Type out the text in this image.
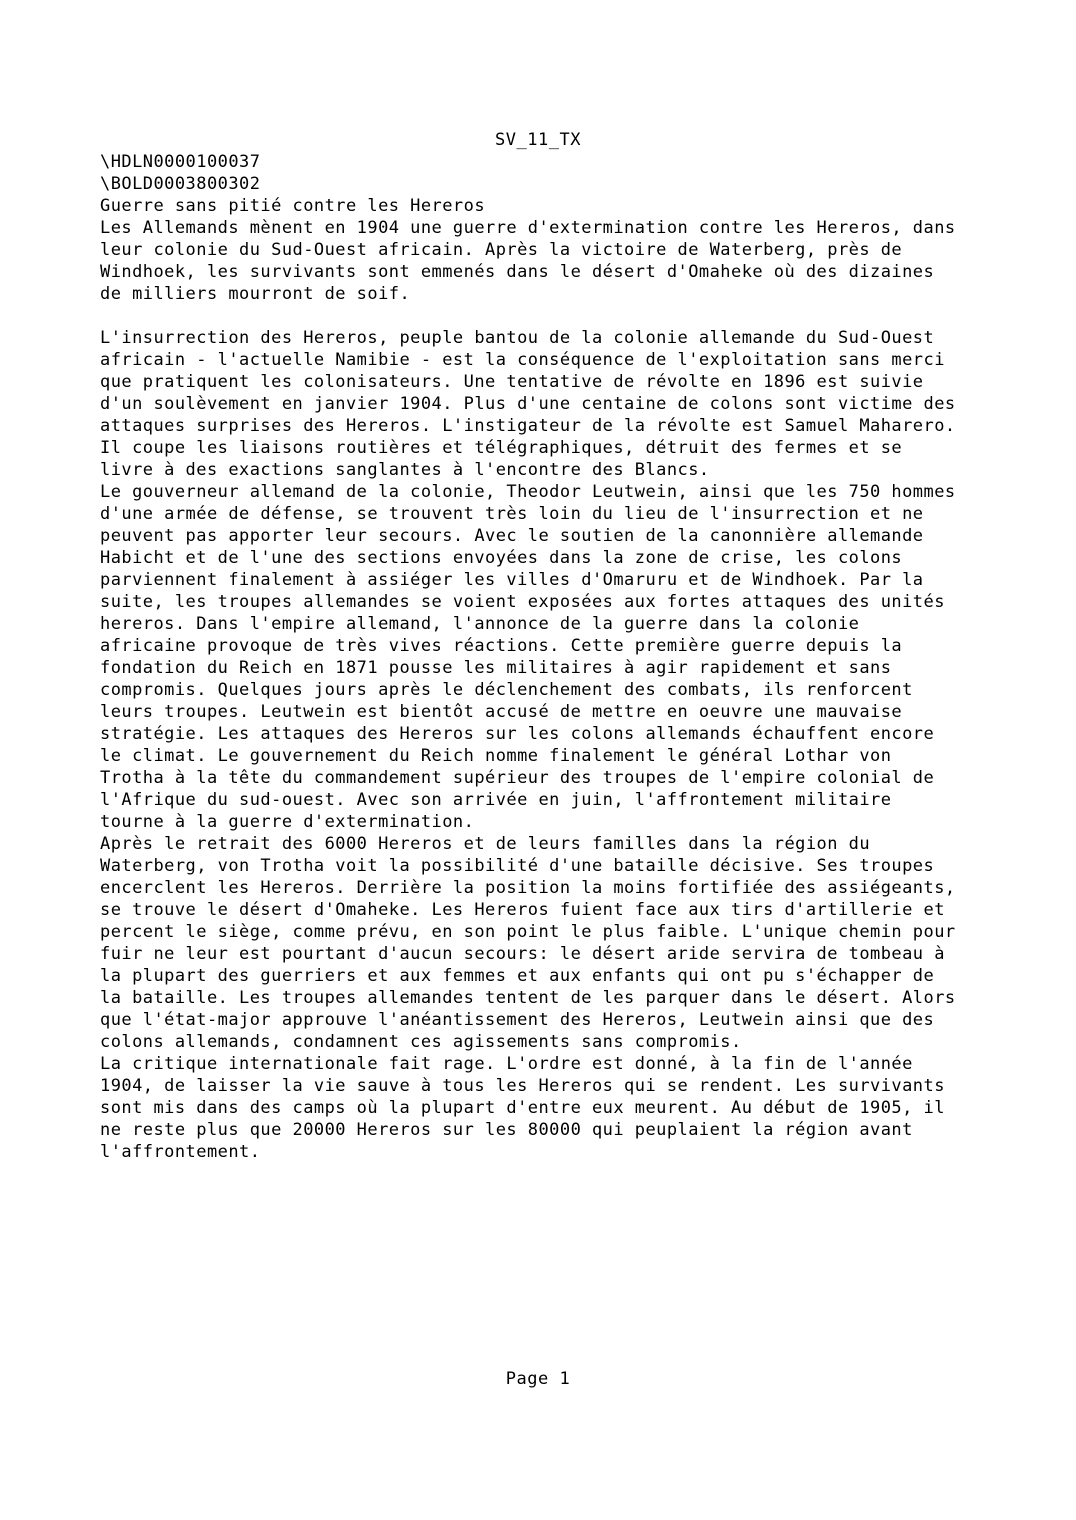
SV_11_TX
\HDLN0000100037
\BOLD0003800302
Guerre sans pitié contre les Hereros
Les Allemands mènent en 1904 une guerre d'extermination contre les Hereros, dans
leur colonie du Sud-Ouest africain. Après la victoire de Waterberg, près de
Windhoek, les survivants sont emmenés dans le désert d'Omaheke où des dizaines
de milliers mourront de soif.
L'insurrection des Hereros, peuple bantou de la colonie allemande du Sud-Ouest
africain - l'actuelle Namibie - est la conséquence de l'exploitation sans merci
que pratiquent les colonisateurs. Une tentative de révolte en 1896 est suivie
d'un soulèvement en janvier 1904. Plus d'une centaine de colons sont victime des
attaques surprises des Hereros. L'instigateur de la révolte est Samuel Maharero.
Il coupe les liaisons routières et télégraphiques, détruit des fermes et se
livre à des exactions sanglantes à l'encontre des Blancs.
Le gouverneur allemand de la colonie, Theodor Leutwein, ainsi que les 750 hommes
d'une armée de défense, se trouvent très loin du lieu de l'insurrection et ne
peuvent pas apporter leur secours. Avec le soutien de la canonnière allemande
Habicht et de l'une des sections envoyées dans la zone de crise, les colons
parviennent finalement à assiéger les villes d'Omaruru et de Windhoek. Par la
suite, les troupes allemandes se voient exposées aux fortes attaques des unités
hereros. Dans l'empire allemand, l'annonce de la guerre dans la colonie
africaine provoque de très vives réactions. Cette première guerre depuis la
fondation du Reich en 1871 pousse les militaires à agir rapidement et sans
compromis. Quelques jours après le déclenchement des combats, ils renforcent
leurs troupes. Leutwein est bientôt accusé de mettre en oeuvre une mauvaise
stratégie. Les attaques des Hereros sur les colons allemands échauffent encore
le climat. Le gouvernement du Reich nomme finalement le général Lothar von
Trotha à la tête du commandement supérieur des troupes de l'empire colonial de
l'Afrique du sud-ouest. Avec son arrivée en juin, l'affrontement militaire
tourne à la guerre d'extermination.
Après le retrait des 6000 Hereros et de leurs familles dans la région du
Waterberg, von Trotha voit la possibilité d'une bataille décisive. Ses troupes
encerclent les Hereros. Derrière la position la moins fortifiée des assiégeants,
se trouve le désert d'Omaheke. Les Hereros fuient face aux tirs d'artillerie et
percent le siège, comme prévu, en son point le plus faible. L'unique chemin pour
fuir ne leur est pourtant d'aucun secours: le désert aride servira de tombeau à
la plupart des guerriers et aux femmes et aux enfants qui ont pu s'échapper de
la bataille. Les troupes allemandes tentent de les parquer dans le désert. Alors
que l'état-major approuve l'anéantissement des Hereros, Leutwein ainsi que des
colons allemands, condamnent ces agissements sans compromis.
La critique internationale fait rage. L'ordre est donné, à la fin de l'année
1904, de laisser la vie sauve à tous les Hereros qui se rendent. Les survivants
sont mis dans des camps où la plupart d'entre eux meurent. Au début de 1905, il
ne reste plus que 20000 Hereros sur les 80000 qui peuplaient la région avant
l'affrontement.
Page 1
